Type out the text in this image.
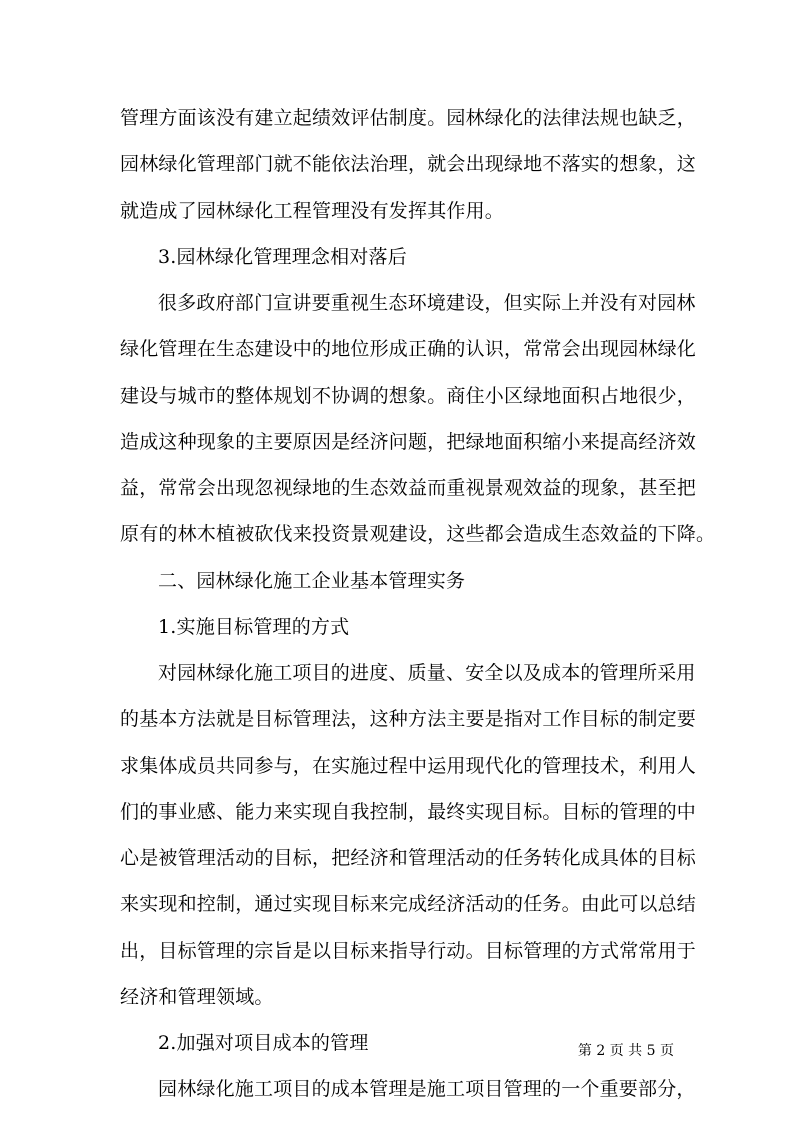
管理方面该没有建立起绩效评估制度。园林绿化的法律法规也缺乏，
园林绿化管理部门就不能依法治理，就会出现绿地不落实的想象，这
就造成了园林绿化工程管理没有发挥其作用。
3.园林绿化管理理念相对落后
很多政府部门宣讲要重视生态环境建设，但实际上并没有对园林
绿化管理在生态建设中的地位形成正确的认识，常常会出现园林绿化
建设与城市的整体规划不协调的想象。商住小区绿地面积占地很少，
造成这种现象的主要原因是经济问题，把绿地面积缩小来提高经济效
益，常常会出现忽视绿地的生态效益而重视景观效益的现象，甚至把
原有的林木植被砍伐来投资景观建设，这些都会造成生态效益的下降。
二、园林绿化施工企业基本管理实务
1.实施目标管理的方式
对园林绿化施工项目的进度、质量、安全以及成本的管理所采用
的基本方法就是目标管理法，这种方法主要是指对工作目标的制定要
求集体成员共同参与，在实施过程中运用现代化的管理技术，利用人
们的事业感、能力来实现自我控制，最终实现目标。目标的管理的中
心是被管理活动的目标，把经济和管理活动的任务转化成具体的目标
来实现和控制，通过实现目标来完成经济活动的任务。由此可以总结
出，目标管理的宗旨是以目标来指导行动。目标管理的方式常常用于
经济和管理领域。
2.加强对项目成本的管理
园林绿化施工项目的成本管理是施工项目管理的一个重要部分，
第 2 页 共 5 页
